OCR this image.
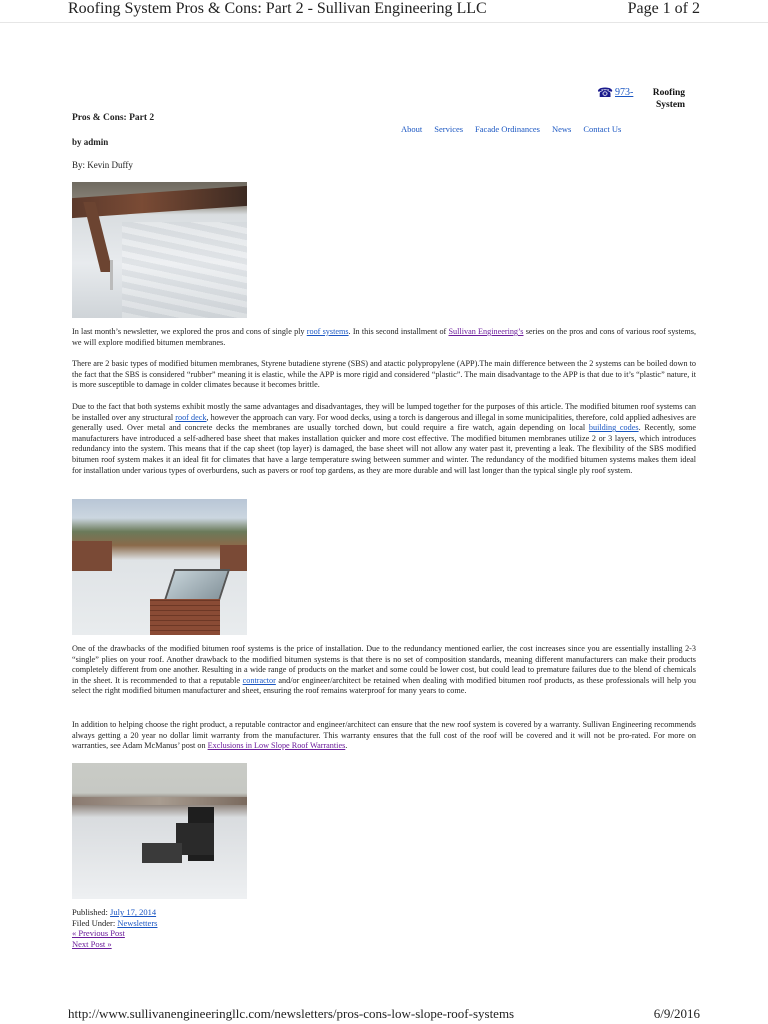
Roofing System Pros & Cons: Part 2 - Sullivan Engineering LLC	Page 1 of 2
☎ 973-	Roofing
System
About Services Facade Ordinances News Contact Us
Pros & Cons: Part 2
by admin
By: Kevin Duffy
In last month’s newsletter, we explored the pros and cons of single ply roof systems. In this second installment of Sullivan Engineering’s series on the pros and cons of various roof systems, we will explore modified bitumen membranes.
There are 2 basic types of modified bitumen membranes, Styrene butadiene styrene (SBS) and atactic polypropylene (APP).The main difference between the 2 systems can be boiled down to the fact that the SBS is considered “rubber” meaning it is elastic, while the APP is more rigid and considered “plastic”. The main disadvantage to the APP is that due to it’s “plastic” nature, it is more susceptible to damage in colder climates because it becomes brittle.
Due to the fact that both systems exhibit mostly the same advantages and disadvantages, they will be lumped together for the purposes of this article. The modified bitumen roof systems can be installed over any structural roof deck, however the approach can vary. For wood decks, using a torch is dangerous and illegal in some municipalities, therefore, cold applied adhesives are generally used. Over metal and concrete decks the membranes are usually torched down, but could require a fire watch, again depending on local building codes. Recently, some manufacturers have introduced a self-adhered base sheet that makes installation quicker and more cost effective. The modified bitumen membranes utilize 2 or 3 layers, which introduces redundancy into the system. This means that if the cap sheet (top layer) is damaged, the base sheet will not allow any water past it, preventing a leak. The flexibility of the SBS modified bitumen roof system makes it an ideal fit for climates that have a large temperature swing between summer and winter. The redundancy of the modified bitumen systems makes them ideal for installation under various types of overburdens, such as pavers or roof top gardens, as they are more durable and will last longer than the typical single ply roof system.
One of the drawbacks of the modified bitumen roof systems is the price of installation. Due to the redundancy mentioned earlier, the cost increases since you are essentially installing 2-3 “single” plies on your roof. Another drawback to the modified bitumen systems is that there is no set of composition standards, meaning different manufacturers can make their products completely different from one another. Resulting in a wide range of products on the market and some could be lower cost, but could lead to premature failures due to the blend of chemicals in the sheet. It is recommended to that a reputable contractor and/or engineer/architect be retained when dealing with modified bitumen roof products, as these professionals will help you select the right modified bitumen manufacturer and sheet, ensuring the roof remains waterproof for many years to come.
In addition to helping choose the right product, a reputable contractor and engineer/architect can ensure that the new roof system is covered by a warranty. Sullivan Engineering recommends always getting a 20 year no dollar limit warranty from the manufacturer. This warranty ensures that the full cost of the roof will be covered and it will not be pro-rated. For more on warranties, see Adam McManus’ post on Exclusions in Low Slope Roof Warranties.
Published: July 17, 2014
Filed Under: Newsletters
« Previous Post
Next Post »
http://www.sullivanengineeringllc.com/newsletters/pros-cons-low-slope-roof-systems	6/9/2016
